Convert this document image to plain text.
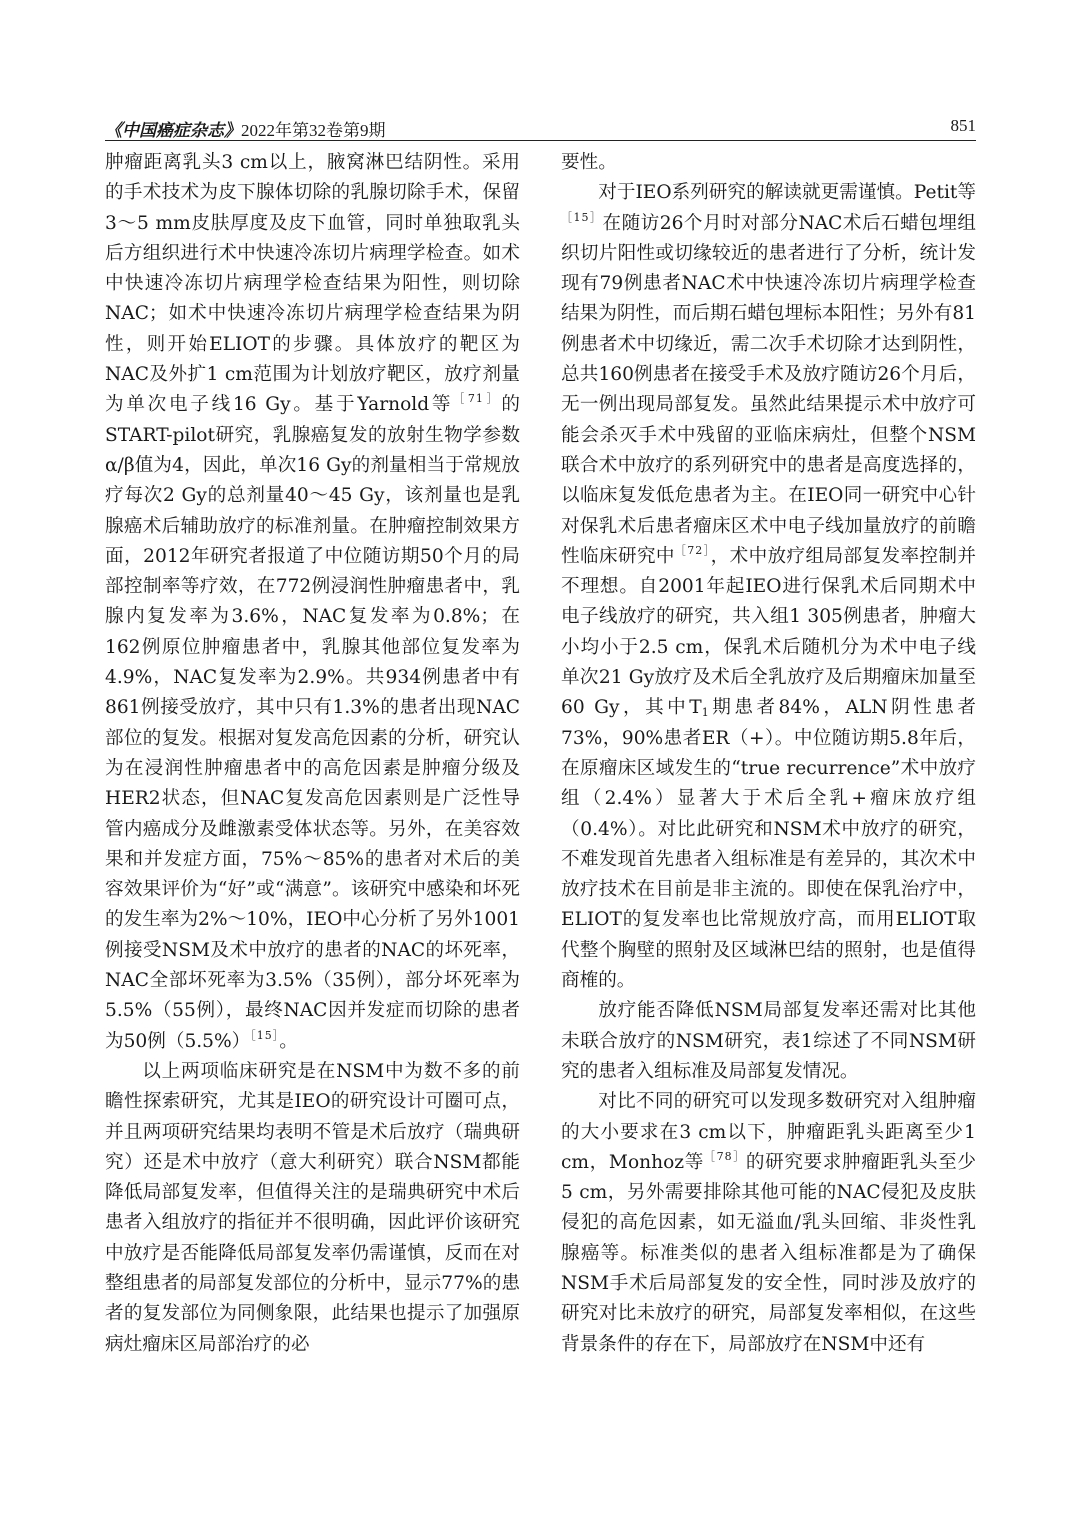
《中国癌症杂志》2022年第32卷第9期	851

肿瘤距离乳头3 cm以上，腋窝淋巴结阴性。采用的手术技术为皮下腺体切除的乳腺切除手术，保留3～5 mm皮肤厚度及皮下血管，同时单独取乳头后方组织进行术中快速冷冻切片病理学检查。如术中快速冷冻切片病理学检查结果为阳性，则切除NAC；如术中快速冷冻切片病理学检查结果为阴性，则开始ELIOT的步骤。具体放疗的靶区为NAC及外扩1 cm范围为计划放疗靶区，放疗剂量为单次电子线16 Gy。基于Yarnold等$^{[71]}$的START-pilot研究，乳腺癌复发的放射生物学参数α/β值为4，因此，单次16 Gy的剂量相当于常规放疗每次2 Gy的总剂量40～45 Gy，该剂量也是乳腺癌术后辅助放疗的标准剂量。在肿瘤控制效果方面，2012年研究者报道了中位随访期50个月的局部控制率等疗效，在772例浸润性肿瘤患者中，乳腺内复发率为3.6%，NAC复发率为0.8%；在162例原位肿瘤患者中，乳腺其他部位复发率为4.9%，NAC复发率为2.9%。共934例患者中有861例接受放疗，其中只有1.3%的患者出现NAC部位的复发。根据对复发高危因素的分析，研究认为在浸润性肿瘤患者中的高危因素是肿瘤分级及HER2状态，但NAC复发高危因素则是广泛性导管内癌成分及雌激素受体状态等。另外，在美容效果和并发症方面，75%～85%的患者对术后的美容效果评价为“好”或“满意”。该研究中感染和坏死的发生率为2%～10%，IEO中心分析了另外1001例接受NSM及术中放疗的患者的NAC的坏死率，NAC全部坏死率为3.5%（35例），部分坏死率为5.5%（55例），最终NAC因并发症而切除的患者为50例（5.5%）$^{[15]}$。

以上两项临床研究是在NSM中为数不多的前瞻性探索研究，尤其是IEO的研究设计可圈可点，并且两项研究结果均表明不管是术后放疗（瑞典研究）还是术中放疗（意大利研究）联合NSM都能降低局部复发率，但值得关注的是瑞典研究中术后患者入组放疗的指征并不很明确，因此评价该研究中放疗是否能降低局部复发率仍需谨慎，反而在对整组患者的局部复发部位的分析中，显示77%的患者的复发部位为同侧象限，此结果也提示了加强原病灶瘤床区局部治疗的必

要性。

对于IEO系列研究的解读就更需谨慎。Petit等$^{[15]}$在随访26个月时对部分NAC术后石蜡包埋组织切片阳性或切缘较近的患者进行了分析，统计发现有79例患者NAC术中快速冷冻切片病理学检查结果为阴性，而后期石蜡包埋标本阳性；另外有81例患者术中切缘近，需二次手术切除才达到阴性，总共160例患者在接受手术及放疗随访26个月后，无一例出现局部复发。虽然此结果提示术中放疗可能会杀灭手术中残留的亚临床病灶，但整个NSM联合术中放疗的系列研究中的患者是高度选择的，以临床复发低危患者为主。在IEO同一研究中心针对保乳术后患者瘤床区术中电子线加量放疗的前瞻性临床研究中$^{[72]}$，术中放疗组局部复发率控制并不理想。自2001年起IEO进行保乳术后同期术中电子线放疗的研究，共入组1 305例患者，肿瘤大小均小于2.5 cm，保乳术后随机分为术中电子线单次21 Gy放疗及术后全乳放疗及后期瘤床加量至60 Gy，其中$T_1$期患者84%，ALN阴性患者73%，90%患者ER（+）。中位随访期5.8年后，在原瘤床区域发生的“true recurrence”术中放疗组（2.4%）显著大于术后全乳+瘤床放疗组（0.4%）。对比此研究和NSM术中放疗的研究，不难发现首先患者入组标准是有差异的，其次术中放疗技术在目前是非主流的。即使在保乳治疗中，ELIOT的复发率也比常规放疗高，而用ELIOT取代整个胸壁的照射及区域淋巴结的照射，也是值得商榷的。

放疗能否降低NSM局部复发率还需对比其他未联合放疗的NSM研究，表1综述了不同NSM研究的患者入组标准及局部复发情况。

对比不同的研究可以发现多数研究对入组肿瘤的大小要求在3 cm以下，肿瘤距乳头距离至少1 cm，Monhoz等$^{[78]}$的研究要求肿瘤距乳头至少5 cm，另外需要排除其他可能的NAC侵犯及皮肤侵犯的高危因素，如无溢血/乳头回缩、非炎性乳腺癌等。标准类似的患者入组标准都是为了确保NSM手术后局部复发的安全性，同时涉及放疗的研究对比未放疗的研究，局部复发率相似，在这些背景条件的存在下，局部放疗在NSM中还有
